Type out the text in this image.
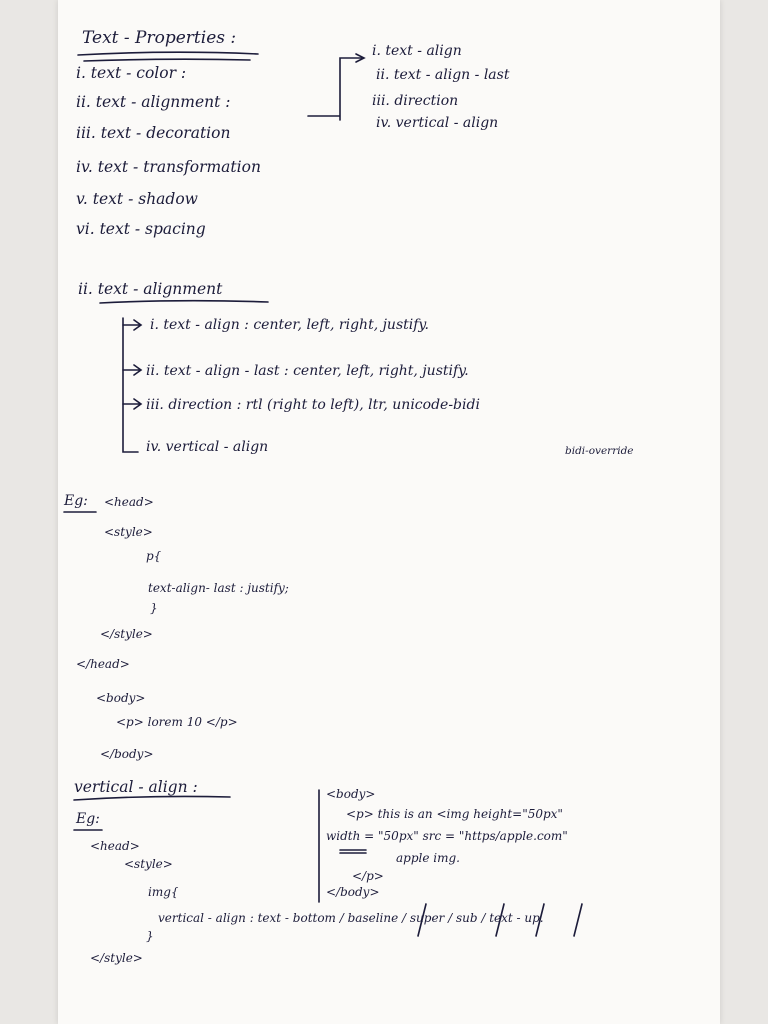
Text - Properties :
i. text - color :
ii. text - alignment :
iii. text - decoration
iv. text - transformation
v. text - shadow
vi. text - spacing
i. text - align
ii. text - align - last
iii. direction
iv. vertical - align
ii. text - alignment
i. text - align : center, left, right, justify.
ii. text - align - last : center, left, right, justify.
iii. direction : rtl (right to left), ltr, unicode-bidi
bidi-override
iv. vertical - align
Eg: <head>
<style>
p{
text-align- last : justify;
}
</style>
</head>
<body>
<p> lorem 10 </p>
</body>
vertical - align :
Eg:
<head>
<style>
img{
vertical - align : text - bottom / baseline / super / sub / text - up.
}
</style>
<body>
<p> this is an <img height="50px"
width = "50px" src = "https/apple.com"
apple img.
</p>
</body>
